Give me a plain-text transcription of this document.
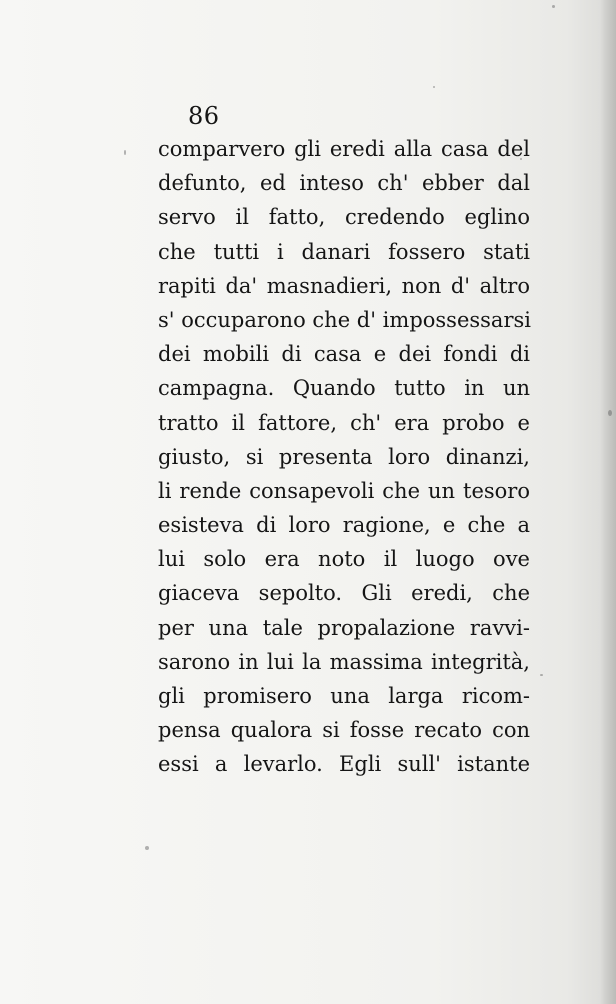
86
comparvero gli eredi alla casa del
defunto, ed inteso ch' ebber dal
servo il fatto, credendo eglino
che tutti i danari fossero stati
rapiti da' masnadieri, non d' altro
s' occuparono che d' impossessarsi
dei mobili di casa e dei fondi di
campagna. Quando tutto in un
tratto il fattore, ch' era probo e
giusto, si presenta loro dinanzi,
li rende consapevoli che un tesoro
esisteva di loro ragione, e che a
lui solo era noto il luogo ove
giaceva sepolto. Gli eredi, che
per una tale propalazione ravvi-
sarono in lui la massima integrità,
gli promisero una larga ricom-
pensa qualora si fosse recato con
essi a levarlo. Egli sull' istante
